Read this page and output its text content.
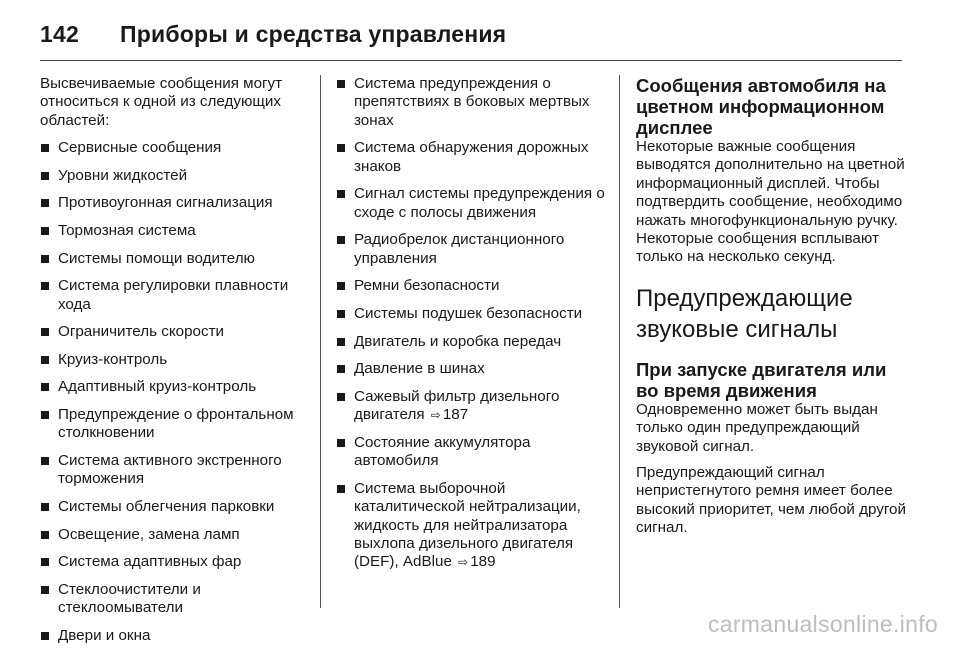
142	Приборы и средства управления

Высвечиваемые сообщения могут относиться к одной из следующих областей:

Сервисные сообщения
Уровни жидкостей
Противоугонная сигнализация
Тормозная система
Системы помощи водителю
Система регулировки плавности хода
Ограничитель скорости
Круиз-контроль
Адаптивный круиз-контроль
Предупреждение о фронтальном столкновении
Система активного экстренного торможения
Системы облегчения парковки
Освещение, замена ламп
Система адаптивных фар
Стеклоочистители и стеклоомыватели
Двери и окна
Система предупреждения о препятствиях в боковых мертвых зонах
Система обнаружения дорожных знаков
Сигнал системы предупреждения о сходе с полосы движения
Радиобрелок дистанционного управления
Ремни безопасности
Системы подушек безопасности
Двигатель и коробка передач
Давление в шинах
Сажевый фильтр дизельного двигателя ⇨ 187
Состояние аккумулятора автомобиля
Система выборочной каталитической нейтрализации, жидкость для нейтрализатора выхлопа дизельного двигателя (DEF), AdBlue ⇨ 189
Сообщения автомобиля на цветном информационном дисплее

Некоторые важные сообщения выводятся дополнительно на цветной информационный дисплей. Чтобы подтвердить сообщение, необходимо нажать многофункциональную ручку. Некоторые сообщения всплывают только на несколько секунд.

Предупреждающие звуковые сигналы
При запуске двигателя или во время движения

Одновременно может быть выдан только один предупреждающий звуковой сигнал.

Предупреждающий сигнал непристегнутого ремня имеет более высокий приоритет, чем любой другой сигнал.

carmanualsonline.info
